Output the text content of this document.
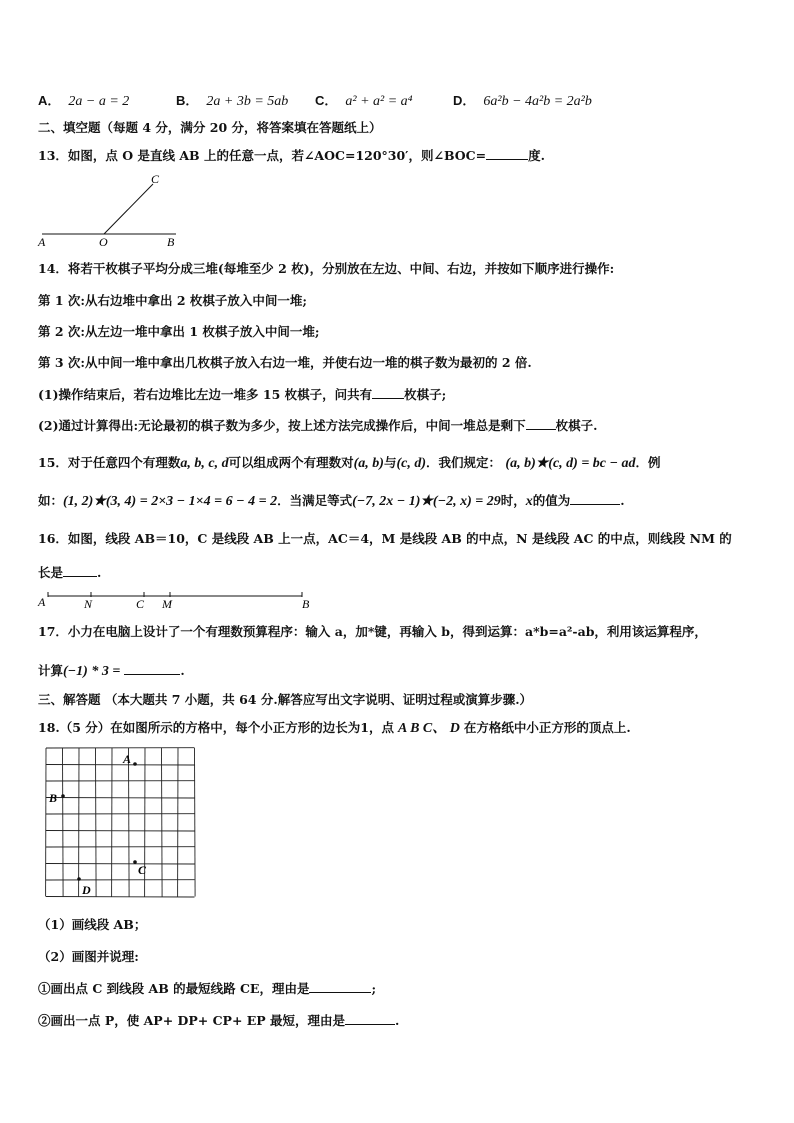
A． 2a − a = 2	B． 2a + 3b = 5ab C． a² + a² = a⁴	D． 6a²b − 4a²b = 2a²b
二、填空题（每题 4 分，满分 20 分，将答案填在答题纸上）
13．如图，点 O 是直线 AB 上的任意一点，若∠AOC=120°30′，则∠BOC=	度.
A	O	B
C
14．将若干枚棋子平均分成三堆(每堆至少 2 枚)，分别放在左边、中间、右边，并按如下顺序进行操作:
第 1 次:从右边堆中拿出 2 枚棋子放入中间一堆;
第 2 次:从左边一堆中拿出 1 枚棋子放入中间一堆;
第 3 次:从中间一堆中拿出几枚棋子放入右边一堆，并使右边一堆的棋子数为最初的 2 倍.
(1)操作结束后，若右边堆比左边一堆多 15 枚棋子，问共有	枚棋子;
(2)通过计算得出:无论最初的棋子数为多少，按上述方法完成操作后，中间一堆总是剩下 枚棋子.
15．对于任意四个有理数a, b, c, d可以组成两个有理数对(a, b)与(c, d)．我们规定： (a, b)★(c, d) = bc − ad．例
如：(1, 2)★(3, 4) = 2×3 − 1×4 = 6 − 4 = 2．当满足等式(−7, 2x − 1)★(−2, x) = 29时，x的值为	.
16．如图，线段 AB＝10，C 是线段 AB 上一点，AC＝4，M 是线段 AB 的中点，N 是线段 AC 的中点，则线段 NM 的
长是	.
A	N	C M	B
17．小力在电脑上设计了一个有理数预算程序：输入 a，加*键，再输入 b，得到运算：a*b=a²-ab，利用该运算程序，
计算(−1) * 3 =	.
三、解答题 （本大题共 7 小题，共 64 分.解答应写出文字说明、证明过程或演算步骤.）
18.（5 分）在如图所示的方格中，每个小正方形的边长为1，点 A B C、 D 在方格纸中小正方形的顶点上.
A
B
C
D
（1）画线段 AB；
（2）画图并说理:
①画出点 C 到线段 AB 的最短线路 CE，理由是	;
②画出一点 P，使 AP+ DP+ CP+ EP 最短，理由是	.
